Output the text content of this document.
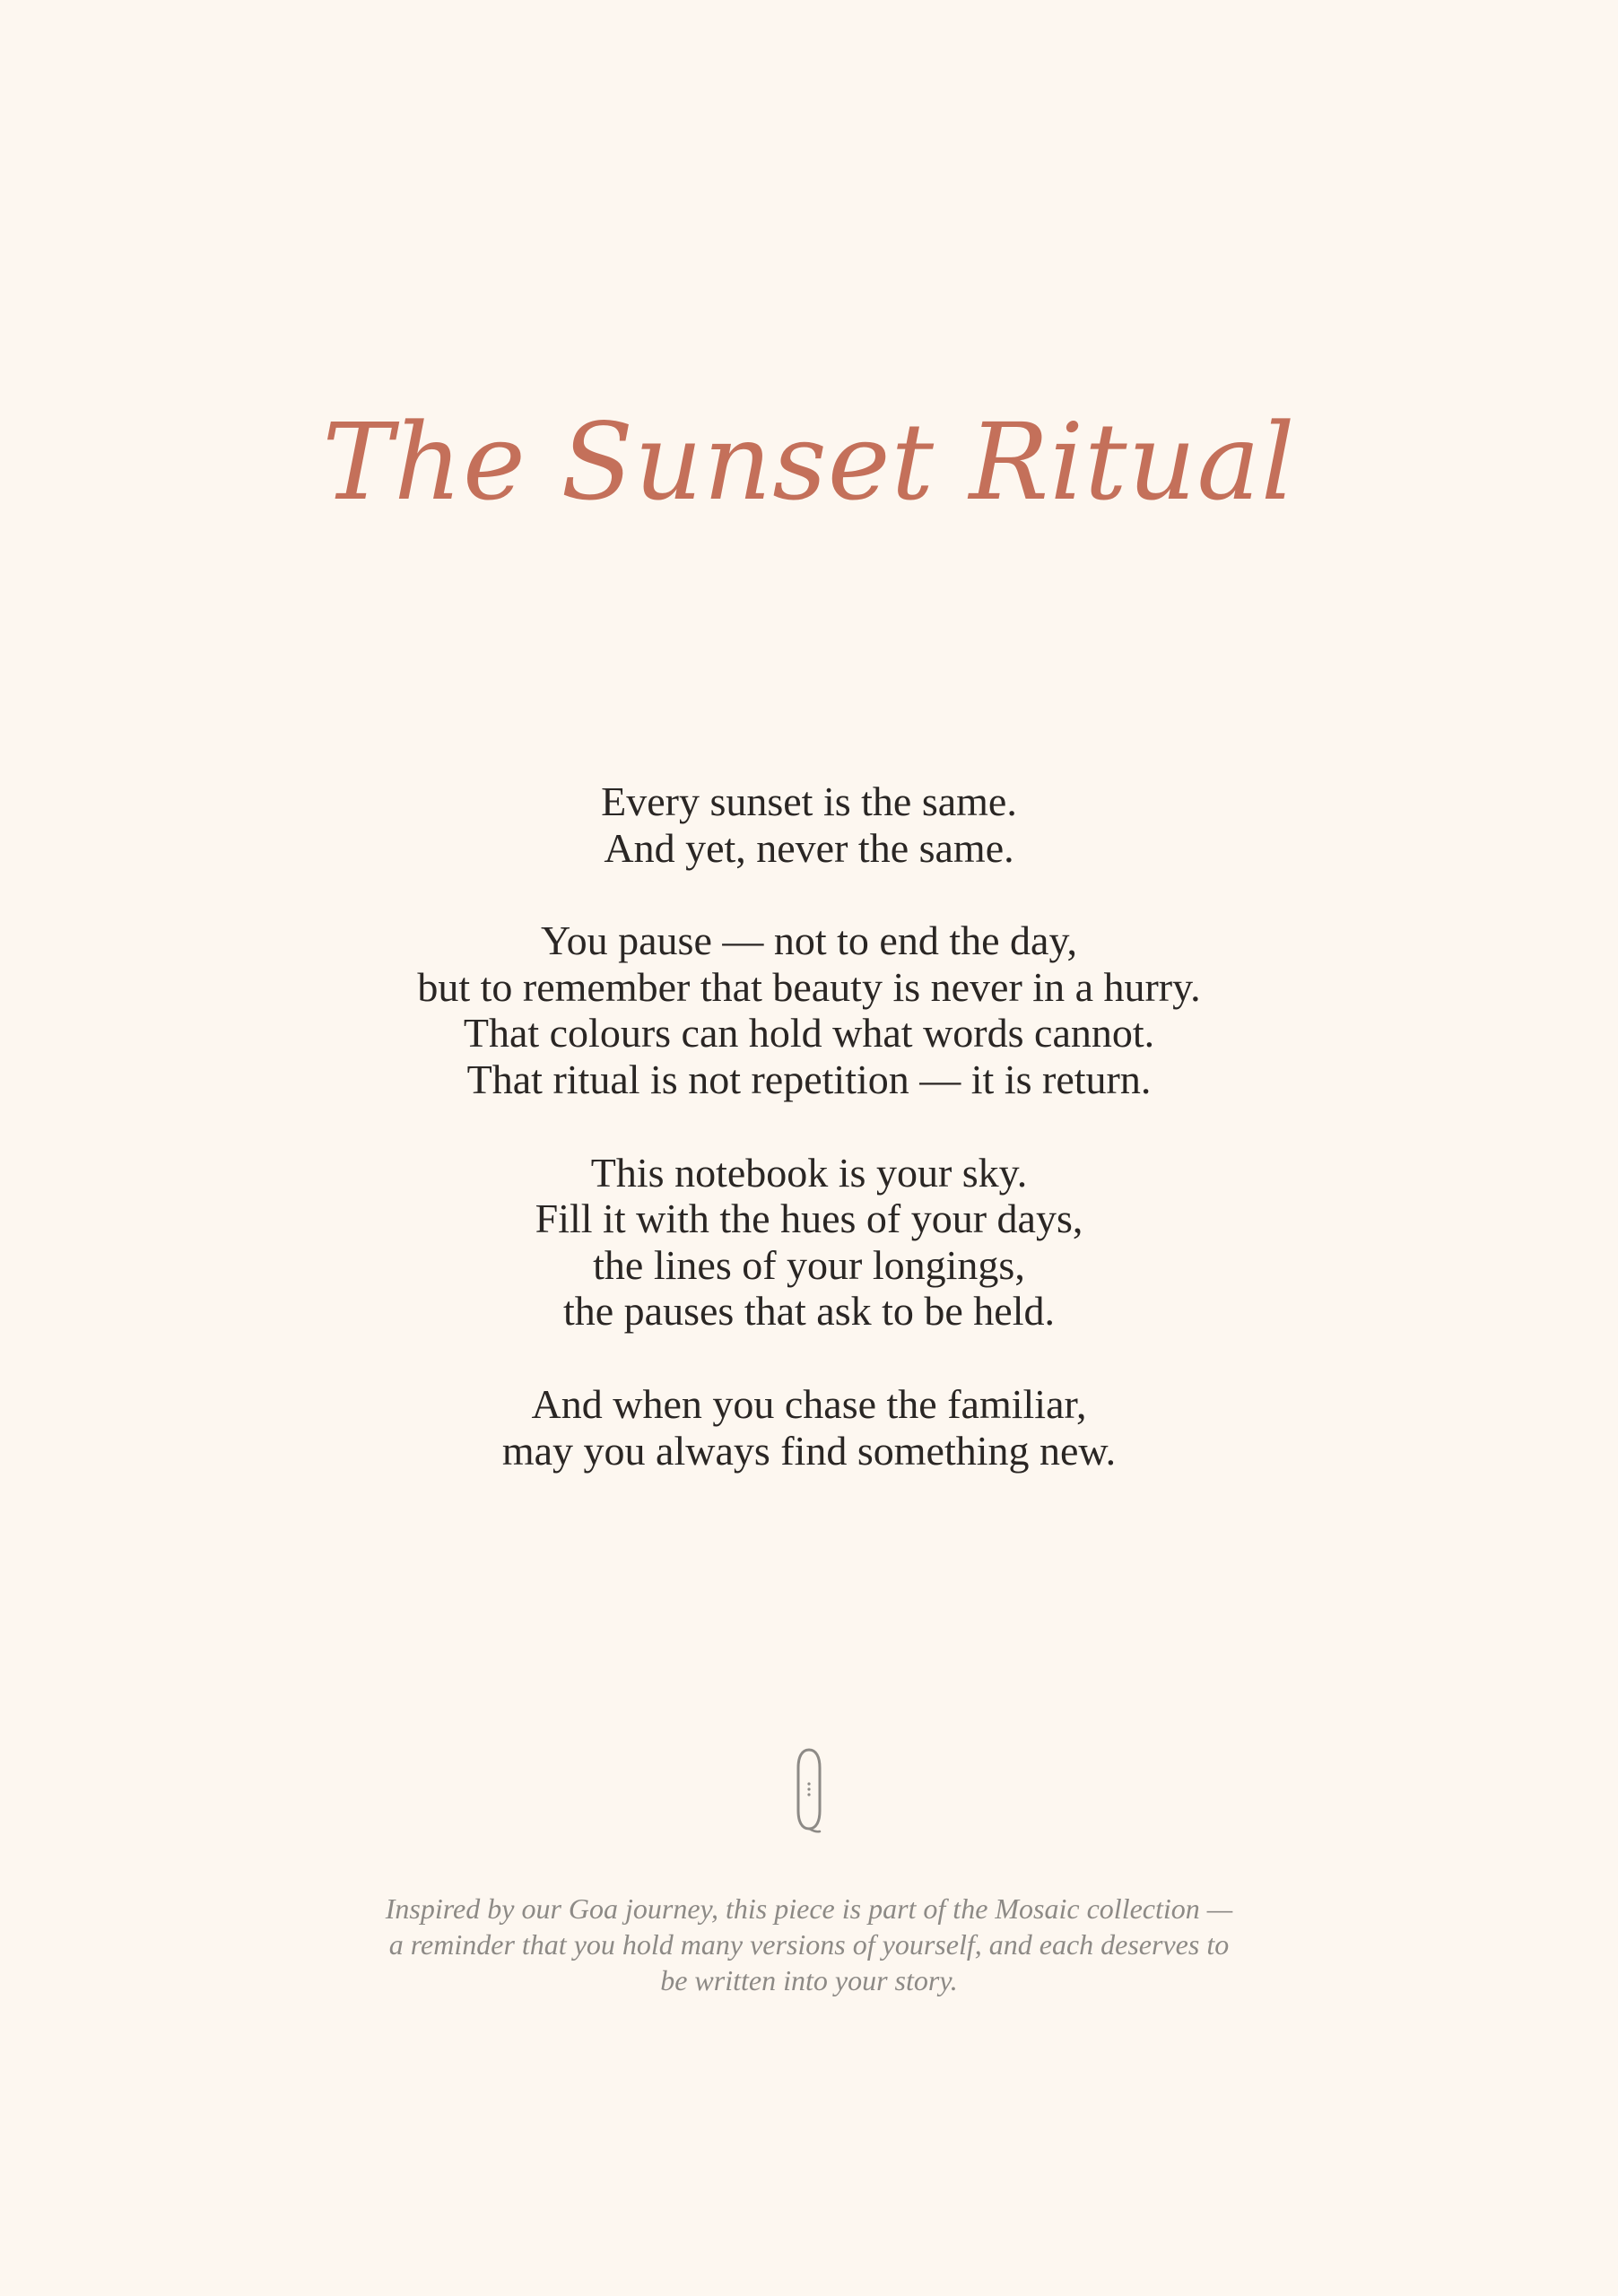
The Sunset Ritual
Every sunset is the same.
And yet, never the same.
You pause — not to end the day,
but to remember that beauty is never in a hurry.
That colours can hold what words cannot.
That ritual is not repetition — it is return.
This notebook is your sky.
Fill it with the hues of your days,
the lines of your longings,
the pauses that ask to be held.
And when you chase the familiar,
may you always find something new.
Inspired by our Goa journey, this piece is part of the Mosaic collection —
a reminder that you hold many versions of yourself, and each deserves to
be written into your story.
